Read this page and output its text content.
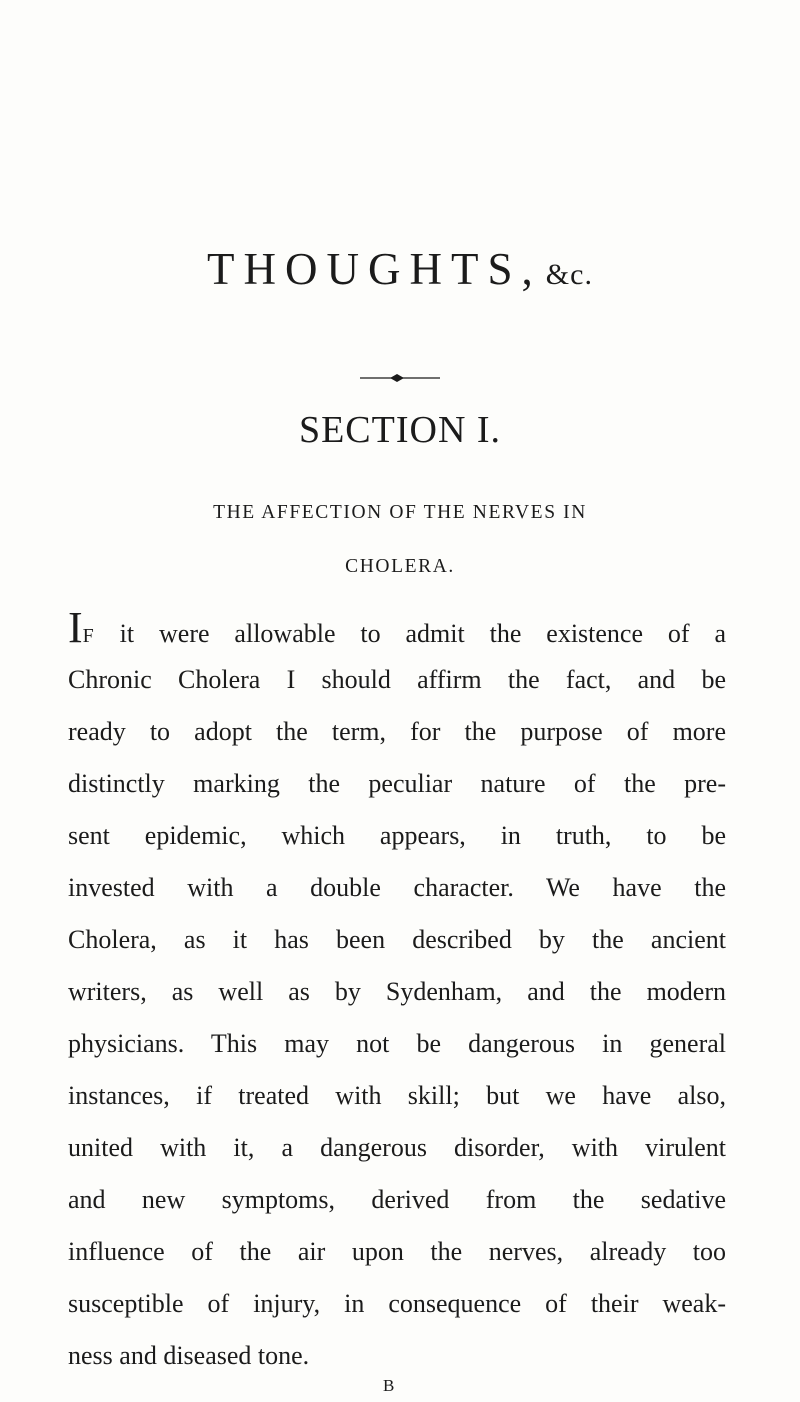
THOUGHTS, &c.
SECTION I.
THE AFFECTION OF THE NERVES IN
CHOLERA.
IF it were allowable to admit the existence of a
Chronic Cholera I should affirm the fact, and be
ready to adopt the term, for the purpose of more
distinctly marking the peculiar nature of the pre-
sent epidemic, which appears, in truth, to be
invested with a double character. We have the
Cholera, as it has been described by the ancient
writers, as well as by Sydenham, and the modern
physicians. This may not be dangerous in general
instances, if treated with skill; but we have also,
united with it, a dangerous disorder, with virulent
and new symptoms, derived from the sedative
influence of the air upon the nerves, already too
susceptible of injury, in consequence of their weak-
ness and diseased tone.
B
